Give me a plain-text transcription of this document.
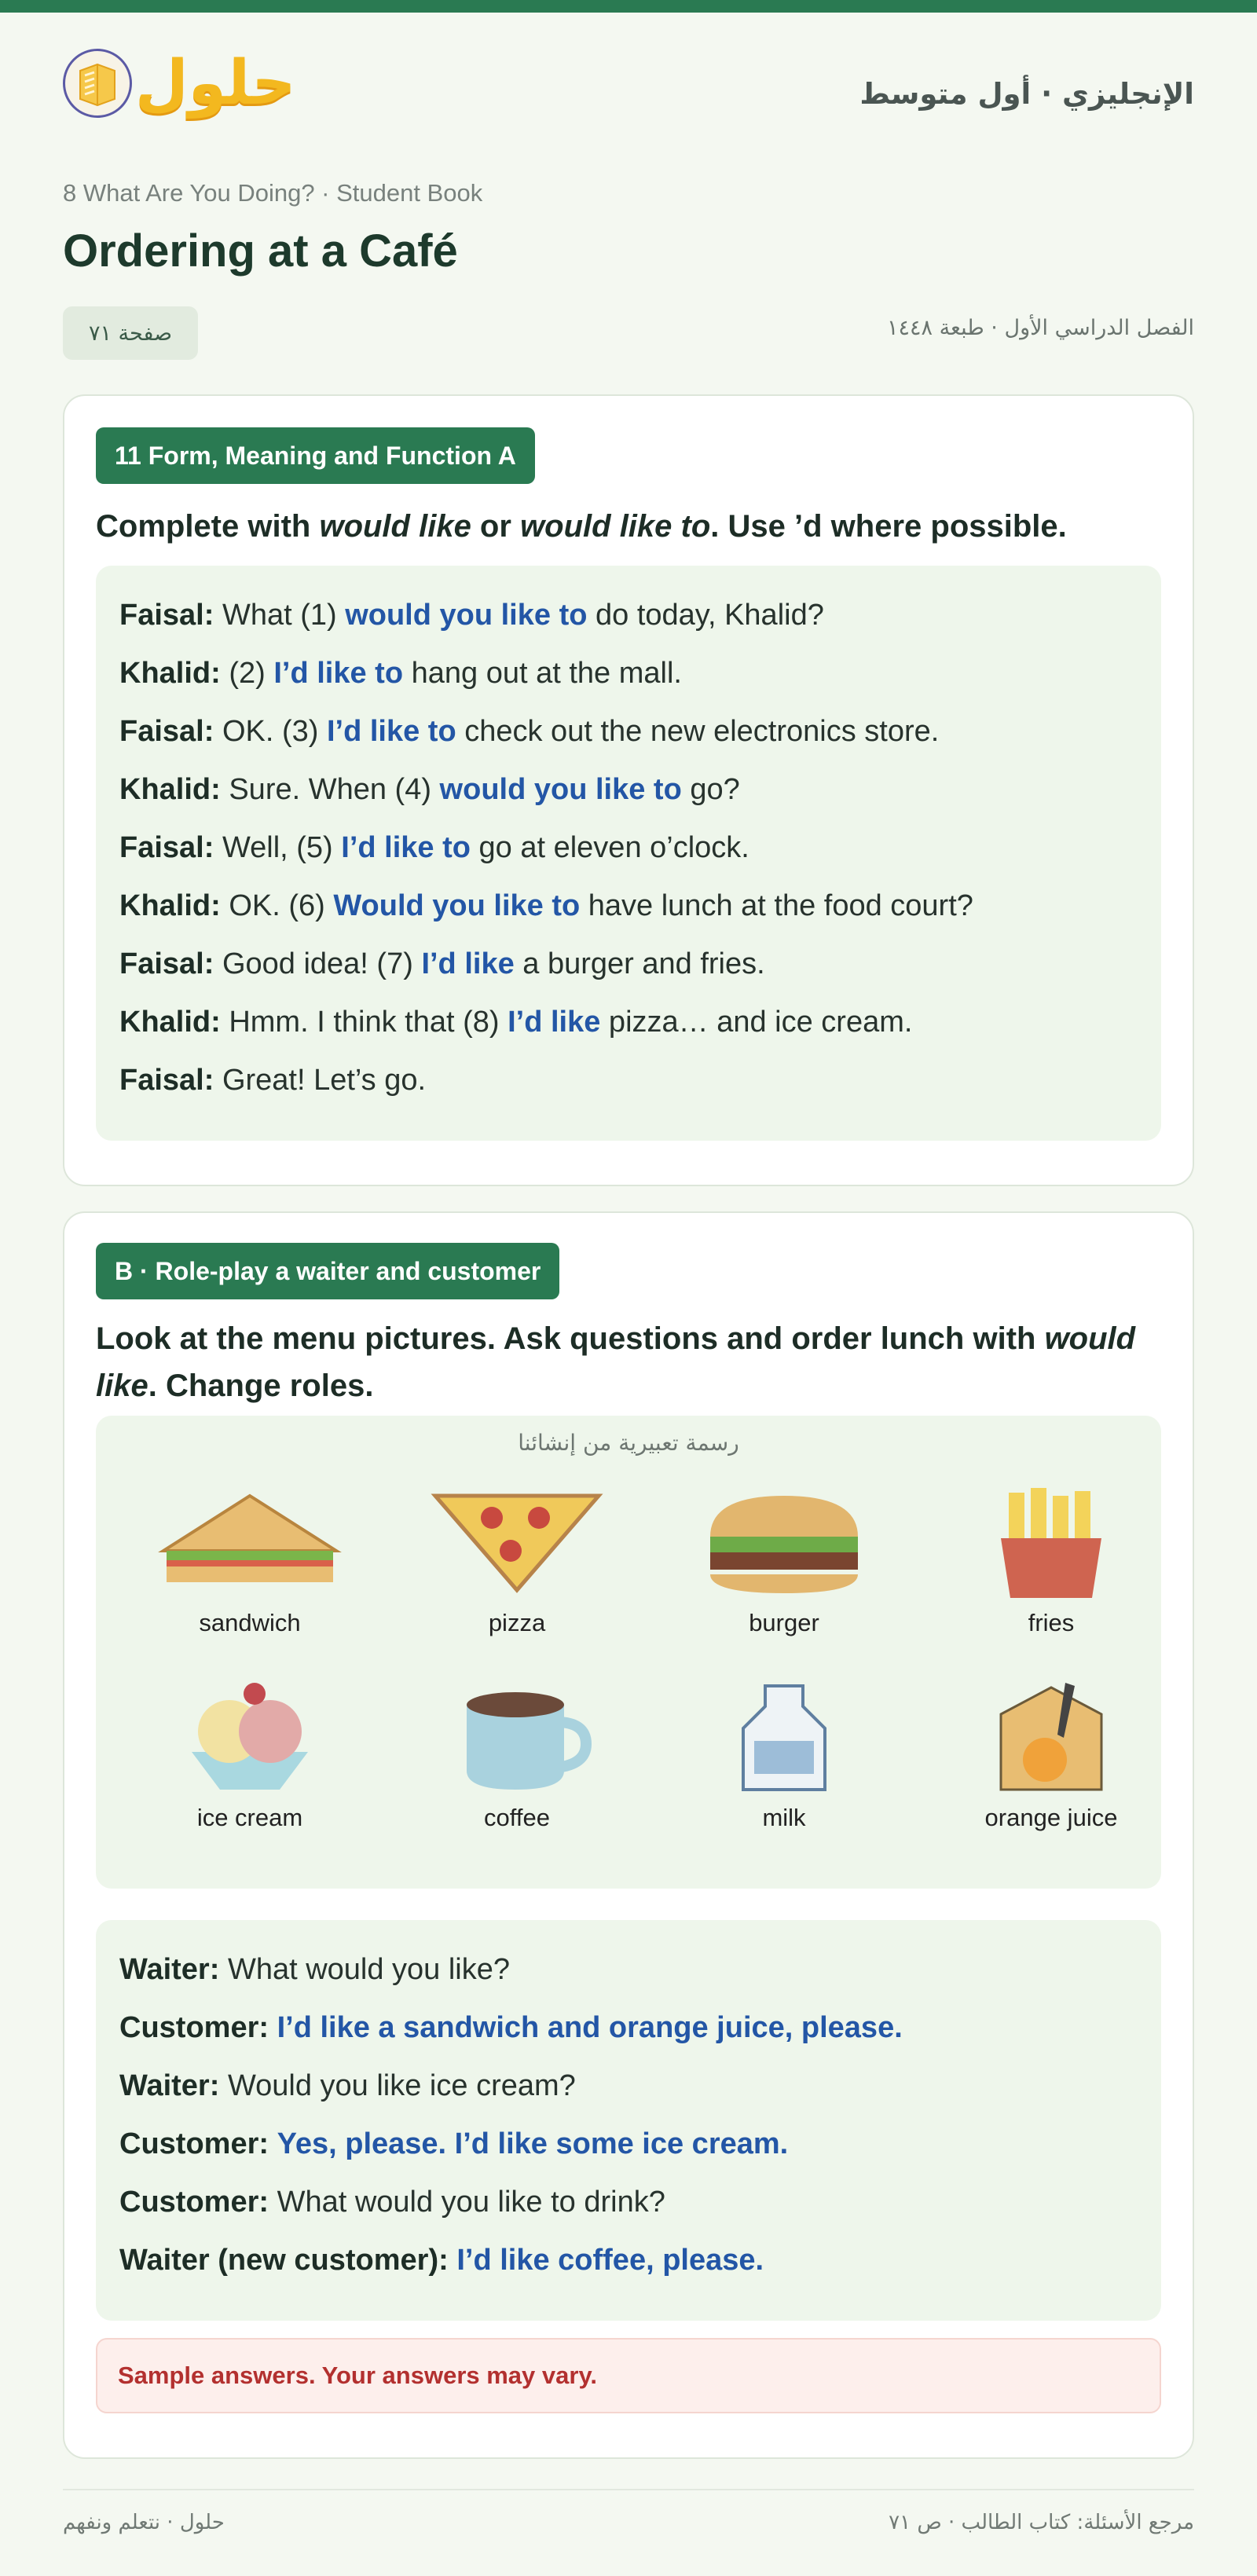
حلول	الإنجليزي · أول متوسط
8 What Are You Doing? · Student Book
Ordering at a Café
صفحة ٧١	الفصل الدراسي الأول · طبعة ١٤٤٨
11 Form, Meaning and Function A
Complete with would like or would like to. Use ’d where possible.
Faisal: What (1) would you like to do today, Khalid?
Khalid: (2) I’d like to hang out at the mall.
Faisal: OK. (3) I’d like to check out the new electronics store.
Khalid: Sure. When (4) would you like to go?
Faisal: Well, (5) I’d like to go at eleven o’clock.
Khalid: OK. (6) Would you like to have lunch at the food court?
Faisal: Good idea! (7) I’d like a burger and fries.
Khalid: Hmm. I think that (8) I’d like pizza… and ice cream.
Faisal: Great! Let’s go.
B · Role-play a waiter and customer
Look at the menu pictures. Ask questions and order lunch with would like. Change roles.
رسمة تعبيرية من إنشائنا
sandwich	pizza	burger	fries
ice cream	coffee	milk	orange juice
Waiter: What would you like?
Customer: I’d like a sandwich and orange juice, please.
Waiter: Would you like ice cream?
Customer: Yes, please. I’d like some ice cream.
Customer: What would you like to drink?
Waiter (new customer): I’d like coffee, please.
Sample answers. Your answers may vary.
حلول · نتعلم ونفهم	مرجع الأسئلة: كتاب الطالب · ص ٧١
